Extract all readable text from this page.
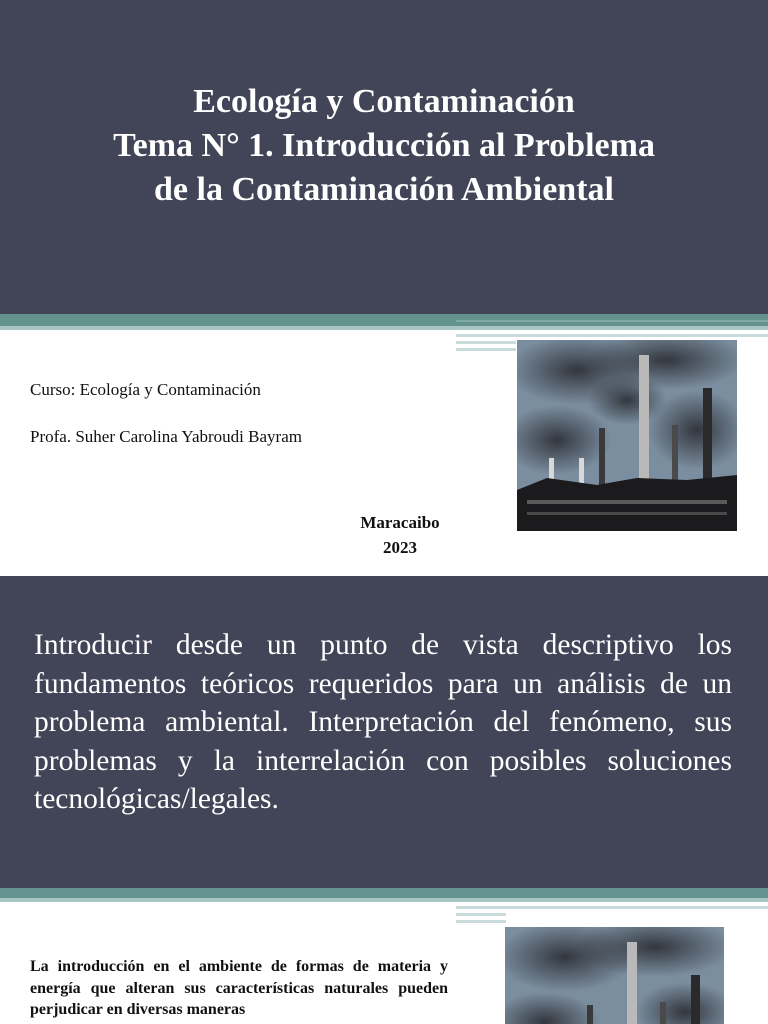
Ecología y Contaminación
Tema N° 1. Introducción al Problema
de la Contaminación Ambiental
Curso: Ecología y Contaminación
Profa. Suher Carolina Yabroudi Bayram
Maracaibo
2023
Introducir desde un punto de vista descriptivo los fundamentos teóricos requeridos para un análisis de un problema ambiental. Interpretación del fenómeno, sus problemas y la interrelación con posibles soluciones tecnológicas/legales.
La introducción en el ambiente de formas de materia y energía que alteran sus características naturales pueden perjudicar en diversas maneras
